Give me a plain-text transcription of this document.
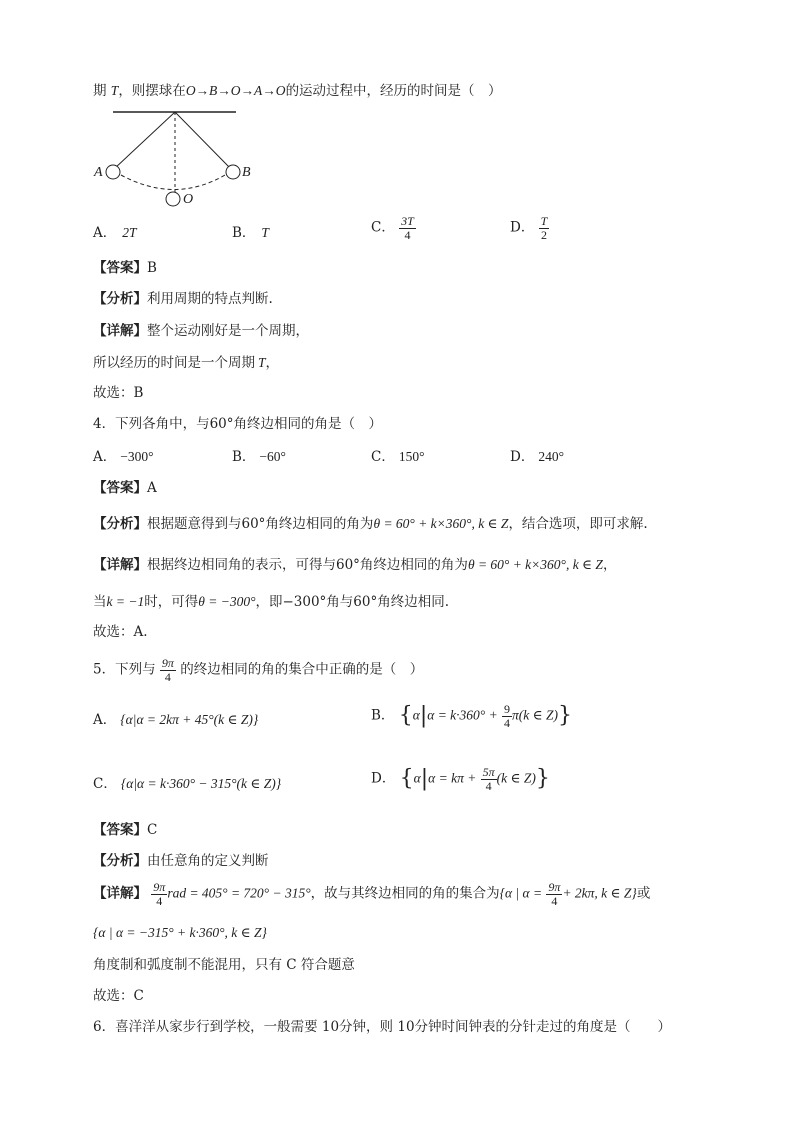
期 T，则摆球在O→B→O→A→O的运动过程中，经历的时间是（　）
A	B
O
A． 2T	B． T	C． $\frac{3T}{4}$	D． $\frac{T}{2}$
【答案】B
【分析】利用周期的特点判断.
【详解】整个运动刚好是一个周期，
所以经历的时间是一个周期 T，
故选：B
4．下列各角中，与60°角终边相同的角是（　）
A． −300°	B． −60°	C． 150°	D． 240°
【答案】A
【分析】根据题意得到与60°角终边相同的角为θ = 60° + k×360°, k ∈ Z，结合选项，即可求解.
【详解】根据终边相同角的表示，可得与60°角终边相同的角为θ = 60° + k×360°, k ∈ Z，
当k = −1时，可得θ = −300°，即−300°角与60°角终边相同.
故选：A.
5．下列与 $\frac{9\pi}{4}$ 的终边相同的角的集合中正确的是（　）
A． {α|α = 2kπ + 45°(k ∈ Z)}	B． {$\alpha|\alpha = k\cdot 360^\circ + \frac{9}{4} \pi(k$ ∈ Z)}
C． {α|α = k·360° − 315°(k ∈ Z)}	D． {$\alpha|\alpha = k\pi + \frac{5\pi}{4} (k$ ∈ Z)}
【答案】C
【分析】由任意角的定义判断
【详解】 $\frac{9\pi}{4}$ rad = 405° = 720° − 315°，故与其终边相同的角的集合为{α | $\alpha = \frac{9\pi}{4} + 2k\pi$, k ∈ Z}或
{α | α = −315° + k·360°, k ∈ Z}
角度制和弧度制不能混用，只有 C 符合题意
故选：C
6．喜洋洋从家步行到学校，一般需要 10分钟，则 10分钟时间钟表的分针走过的角度是（　　）
